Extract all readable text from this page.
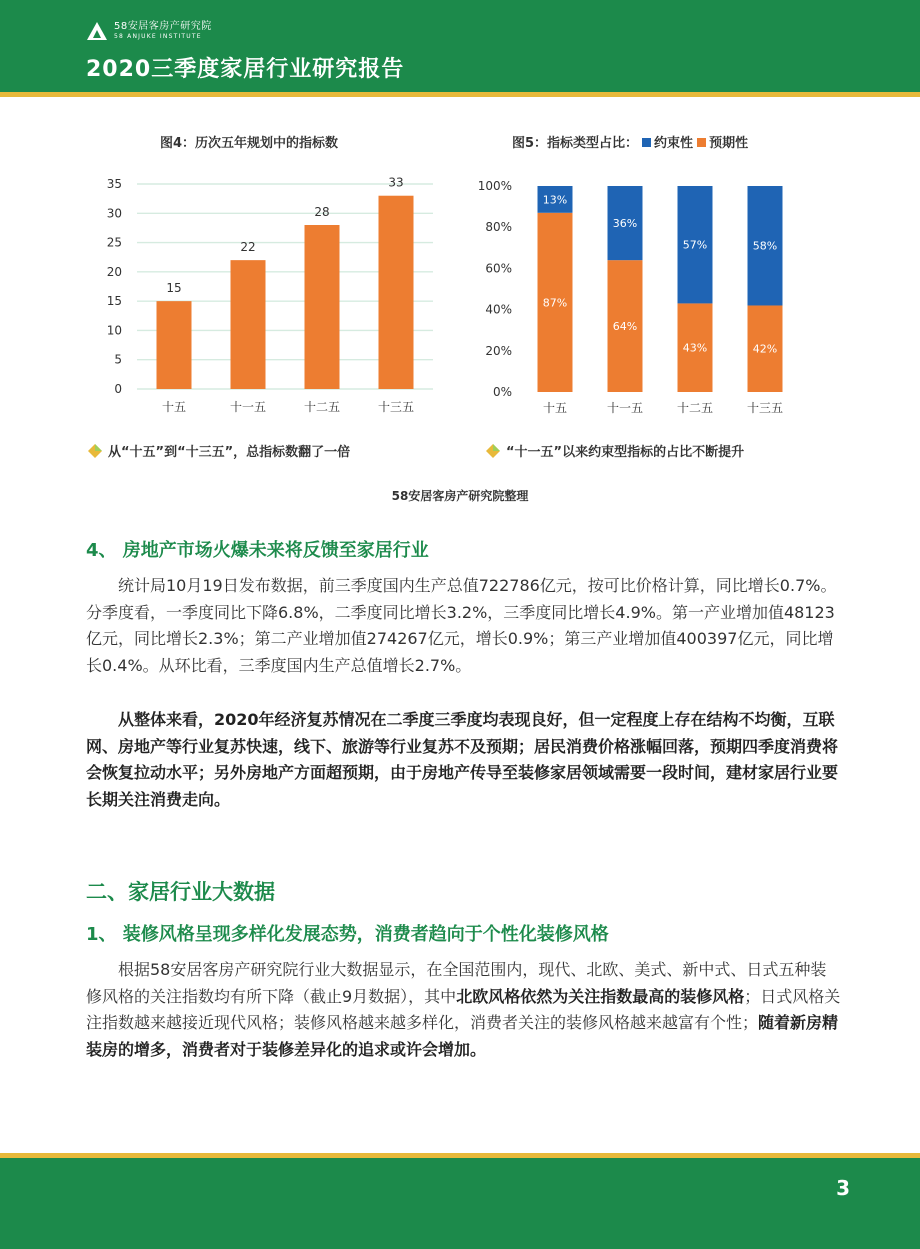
58安居客房产研究院
58 ANJUKE INSTITUTE
2020三季度家居行业研究报告
图4：历次五年规划中的指标数	图5：指标类型占比： 约束性 预期性
0
5
10
15
20
25
30
35
15
十五
22
十一五
28
十二五
33
十三五
0%
20%
40%
60%
80%
100%
13%
87%
十五
36%
64%
十一五
57%
43%
十二五
58%
42%
十三五
从“十五”到“十三五”，总指标数翻了一倍	“十一五”以来约束型指标的占比不断提升
58安居客房产研究院整理
4、 房地产市场火爆未来将反馈至家居行业
统计局10月19日发布数据，前三季度国内生产总值722786亿元，按可比价格计算，同比增长0.7%。分季度看，一季度同比下降6.8%，二季度同比增长3.2%，三季度同比增长4.9%。第一产业增加值48123亿元，同比增长2.3%；第二产业增加值274267亿元，增长0.9%；第三产业增加值400397亿元，同比增长0.4%。从环比看，三季度国内生产总值增长2.7%。
从整体来看，2020年经济复苏情况在二季度三季度均表现良好，但一定程度上存在结构不均衡，互联网、房地产等行业复苏快速，线下、旅游等行业复苏不及预期；居民消费价格涨幅回落，预期四季度消费将会恢复拉动水平；另外房地产方面超预期，由于房地产传导至装修家居领域需要一段时间，建材家居行业要长期关注消费走向。
二、家居行业大数据
1、 装修风格呈现多样化发展态势，消费者趋向于个性化装修风格
根据58安居客房产研究院行业大数据显示，在全国范围内，现代、北欧、美式、新中式、日式五种装修风格的关注指数均有所下降（截止9月数据），其中北欧风格依然为关注指数最高的装修风格；日式风格关注指数越来越接近现代风格；装修风格越来越多样化，消费者关注的装修风格越来越富有个性；随着新房精装房的增多，消费者对于装修差异化的追求或许会增加。
3
